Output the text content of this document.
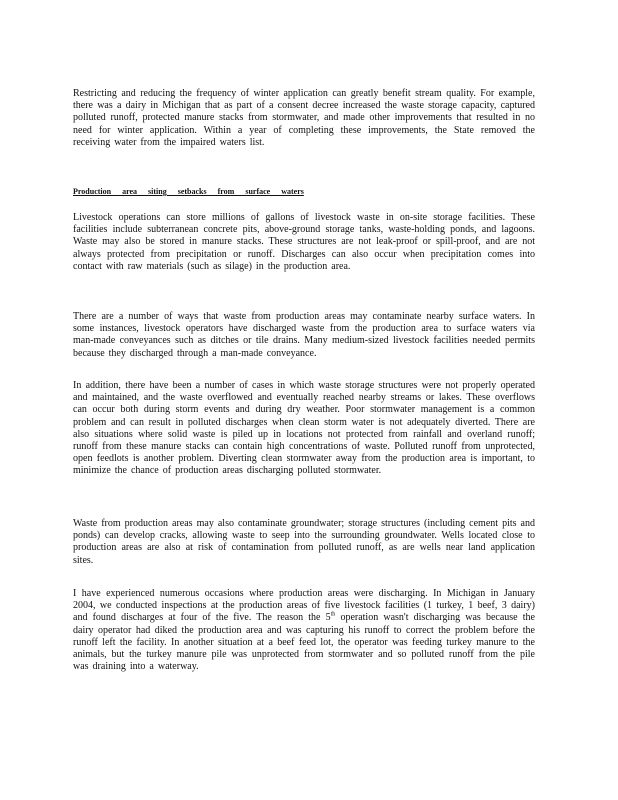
Restricting and reducing the frequency of winter application can greatly benefit stream quality. For example, there was a dairy in Michigan that as part of a consent decree increased the waste storage capacity, captured polluted runoff, protected manure stacks from stormwater, and made other improvements that resulted in no need for winter application. Within a year of completing these improvements, the State removed the receiving water from the impaired waters list.

Production area siting setbacks from surface waters

Livestock operations can store millions of gallons of livestock waste in on-site storage facilities. These facilities include subterranean concrete pits, above-ground storage tanks, waste-holding ponds, and lagoons. Waste may also be stored in manure stacks. These structures are not leak-proof or spill-proof, and are not always protected from precipitation or runoff. Discharges can also occur when precipitation comes into contact with raw materials (such as silage) in the production area.

There are a number of ways that waste from production areas may contaminate nearby surface waters. In some instances, livestock operators have discharged waste from the production area to surface waters via man-made conveyances such as ditches or tile drains. Many medium-sized livestock facilities needed permits because they discharged through a man-made conveyance.

In addition, there have been a number of cases in which waste storage structures were not properly operated and maintained, and the waste overflowed and eventually reached nearby streams or lakes. These overflows can occur both during storm events and during dry weather. Poor stormwater management is a common problem and can result in polluted discharges when clean storm water is not adequately diverted. There are also situations where solid waste is piled up in locations not protected from rainfall and overland runoff; runoff from these manure stacks can contain high concentrations of waste. Polluted runoff from unprotected, open feedlots is another problem. Diverting clean stormwater away from the production area is important, to minimize the chance of production areas discharging polluted stormwater.

Waste from production areas may also contaminate groundwater; storage structures (including cement pits and ponds) can develop cracks, allowing waste to seep into the surrounding groundwater. Wells located close to production areas are also at risk of contamination from polluted runoff, as are wells near land application sites.

I have experienced numerous occasions where production areas were discharging. In Michigan in January 2004, we conducted inspections at the production areas of five livestock facilities (1 turkey, 1 beef, 3 dairy) and found discharges at four of the five. The reason the 5th operation wasn't discharging was because the dairy operator had diked the production area and was capturing his runoff to correct the problem before the runoff left the facility. In another situation at a beef feed lot, the operator was feeding turkey manure to the animals, but the turkey manure pile was unprotected from stormwater and so polluted runoff from the pile was draining into a waterway.
